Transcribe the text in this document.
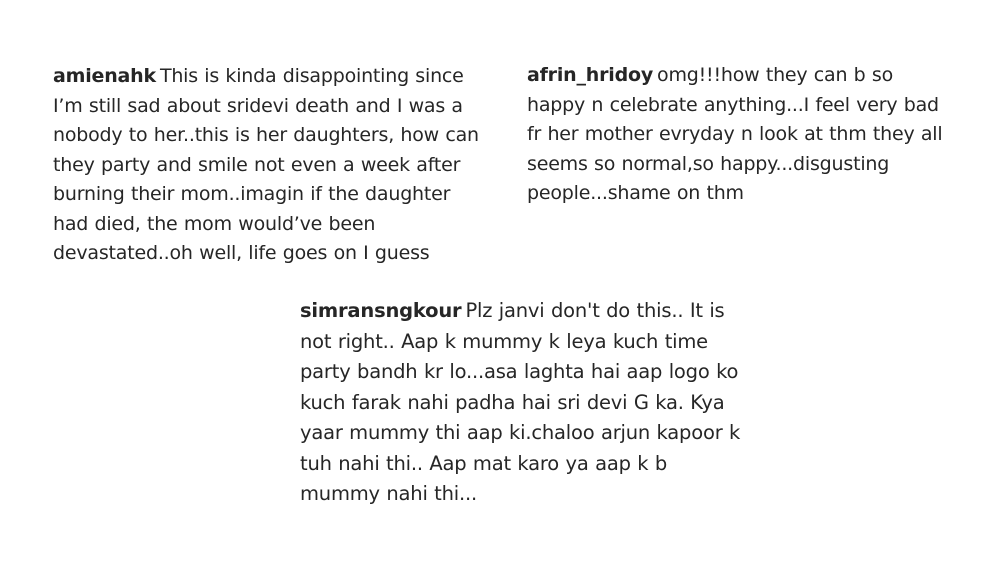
amienahk This is kinda disappointing since I’m still sad about sridevi death and I was a nobody to her..this is her daughters, how can they party and smile not even a week after burning their mom..imagin if the daughter had died, the mom would’ve been devastated..oh well, life goes on I guess
afrin_hridoy omg!!!how they can b so happy n celebrate anything...I feel very bad fr her mother evryday n look at thm they all seems so normal,so happy...disgusting people...shame on thm
simransngkour Plz janvi don't do this.. It is not right.. Aap k mummy k leya kuch time party bandh kr lo...asa laghta hai aap logo ko kuch farak nahi padha hai sri devi G ka. Kya yaar mummy thi aap ki.chaloo arjun kapoor k tuh nahi thi.. Aap mat karo ya aap k b mummy nahi thi...
